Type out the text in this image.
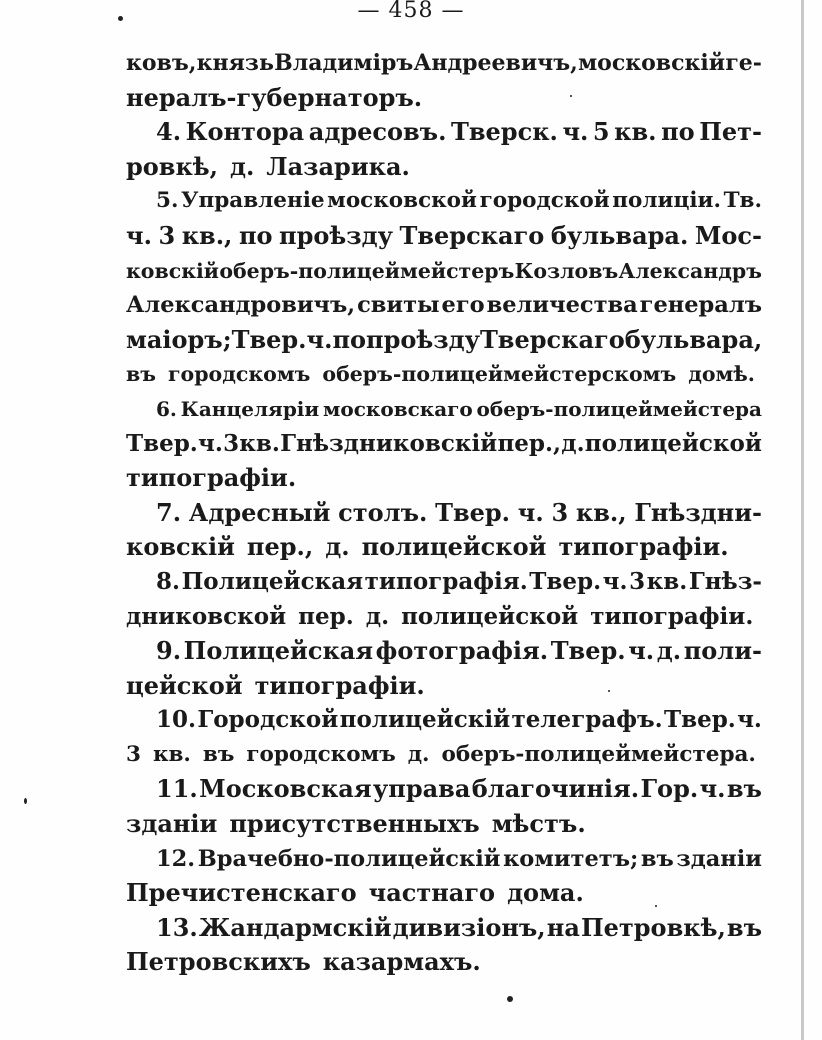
— 458 —
ковъ, князь Владиміръ Андреевичъ, московскій ге-
нералъ-губернаторъ.
4. Контора адресовъ. Тверск. ч. 5 кв. по Пет-
ровкѣ, д. Лазарика.
5. Управленіе московской городской полиціи. Тв.
ч. 3 кв., по проѣзду Тверскаго бульвара. Мос-
ковскій оберъ-полицеймейстеръ Козловъ Александръ
Александровичъ, свиты его величества генералъ
маіоръ; Твер. ч. по проѣзду Тверскаго бульвара,
въ городскомъ оберъ-полицеймейстерскомъ домѣ.
6. Канцеляріи московскаго оберъ-полицеймейстера
Твер. ч. 3 кв. Гнѣздниковскій пер., д. полицейской
типографіи.
7. Адресный столъ. Твер. ч. 3 кв., Гнѣздни-
ковскій пер., д. полицейской типографіи.
8. Полицейская типографія. Твер. ч. 3 кв. Гнѣз-
дниковской пер. д. полицейской типографіи.
9. Полицейская фотографія. Твер. ч. д. поли-
цейской типографіи.
10. Городской полицейскій телеграфъ. Твер. ч.
3 кв. въ городскомъ д. оберъ-полицеймейстера.
11. Московская управа благочинія. Гор. ч. въ
зданіи присутственныхъ мѣстъ.
12. Врачебно-полицейскій комитетъ; въ зданіи
Пречистенскаго частнаго дома.
13. Жандармскій дивизіонъ, на Петровкѣ, въ
Петровскихъ казармахъ.
